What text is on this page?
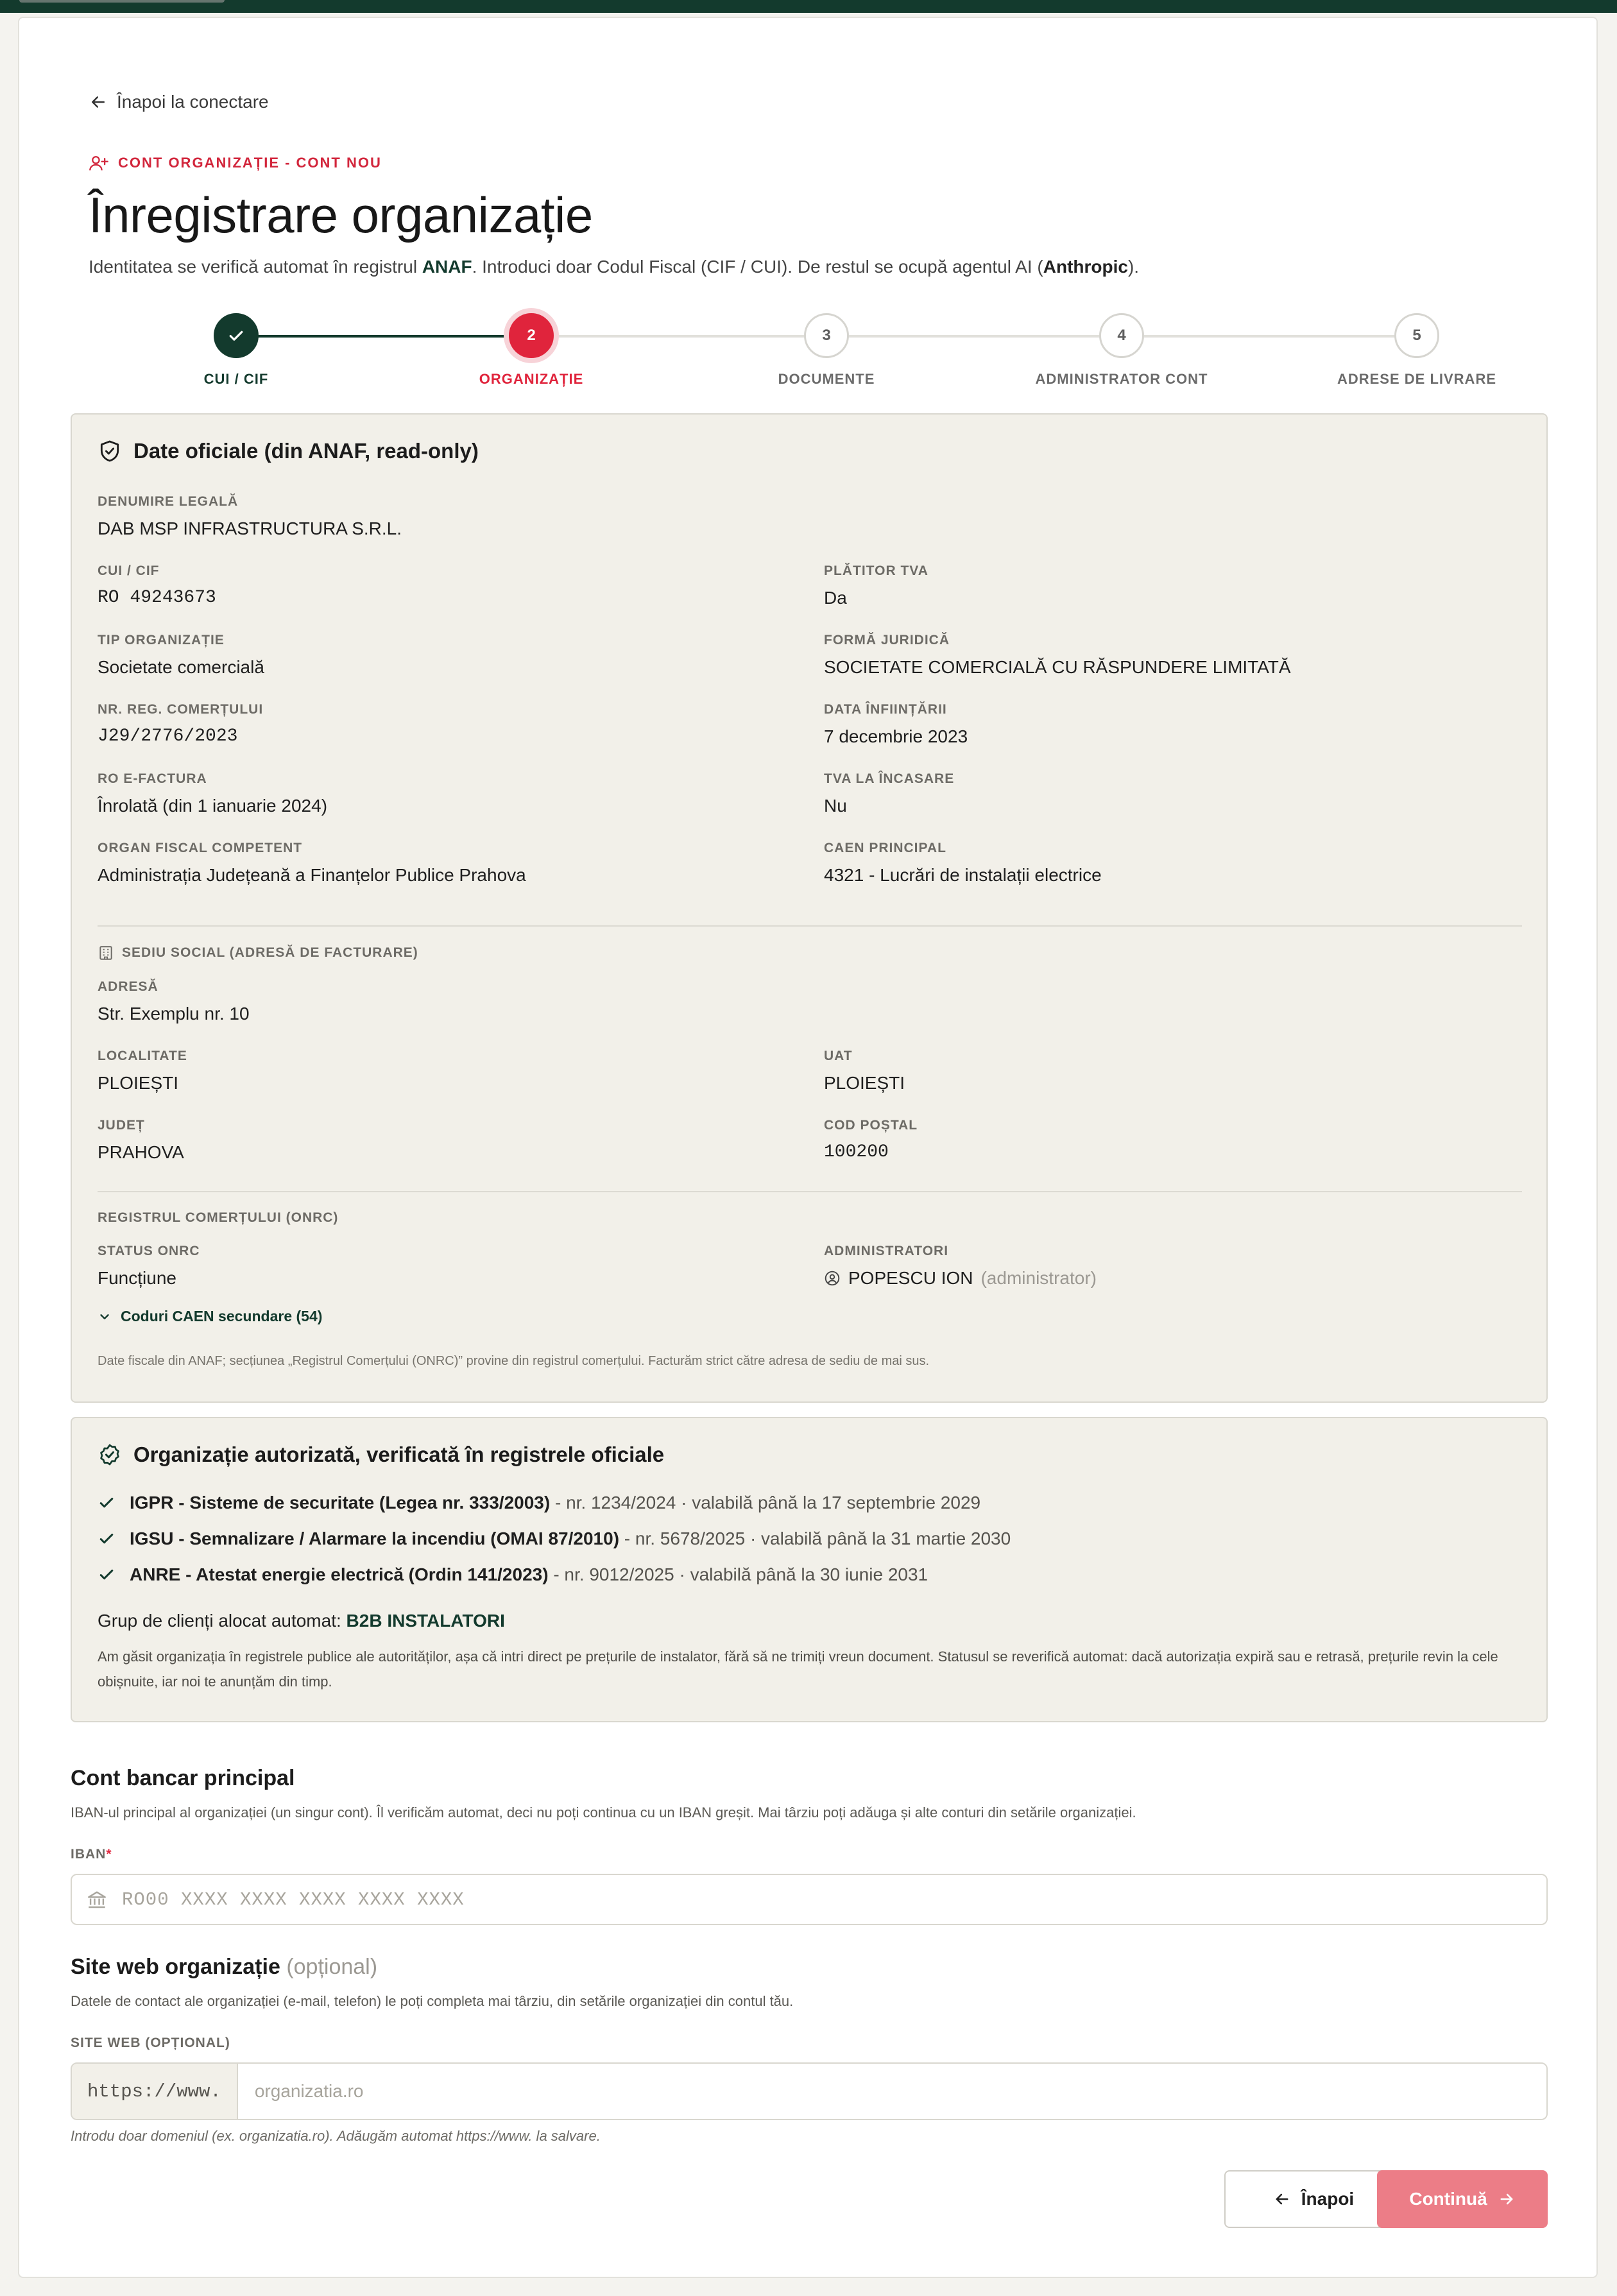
Înapoi la conectare
CONT ORGANIZAȚIE - CONT NOU
Înregistrare organizație

Identitatea se verifică automat în registrul ANAF. Introduci doar Codul Fiscal (CIF / CUI). De restul se ocupă agentul AI (Anthropic).

CUI / CIF
2
ORGANIZAȚIE
3
DOCUMENTE
4
ADMINISTRATOR CONT
5
ADRESE DE LIVRARE
Date oficiale (din ANAF, read-only)
DENUMIRE LEGALĂ
DAB MSP INFRASTRUCTURA S.R.L.
CUI / CIF
RO 49243673
PLĂTITOR TVA
Da
TIP ORGANIZAȚIE
Societate comercială
FORMĂ JURIDICĂ
SOCIETATE COMERCIALĂ CU RĂSPUNDERE LIMITATĂ
NR. REG. COMERȚULUI
J29/2776/2023
DATA ÎNFIINȚĂRII
7 decembrie 2023
RO E-FACTURA
Înrolată (din 1 ianuarie 2024)
TVA LA ÎNCASARE
Nu
ORGAN FISCAL COMPETENT
Administrația Județeană a Finanțelor Publice Prahova
CAEN PRINCIPAL
4321 - Lucrări de instalații electrice
SEDIU SOCIAL (ADRESĂ DE FACTURARE)
ADRESĂ
Str. Exemplu nr. 10
LOCALITATE
PLOIEȘTI
UAT
PLOIEȘTI
JUDEȚ
PRAHOVA
COD POȘTAL
100200
REGISTRUL COMERȚULUI (ONRC)
STATUS ONRC
Funcțiune
ADMINISTRATORI
POPESCU ION (administrator)
Coduri CAEN secundare (54)
Date fiscale din ANAF; secțiunea „Registrul Comerțului (ONRC)” provine din registrul comerțului. Facturăm strict către adresa de sediu de mai sus.
Organizație autorizată, verificată în registrele oficiale
IGPR - Sisteme de securitate (Legea nr. 333/2003) - nr. 1234/2024 · valabilă până la 17 septembrie 2029
IGSU - Semnalizare / Alarmare la incendiu (OMAI 87/2010) - nr. 5678/2025 · valabilă până la 31 martie 2030
ANRE - Atestat energie electrică (Ordin 141/2023) - nr. 9012/2025 · valabilă până la 30 iunie 2031
Grup de clienți alocat automat: B2B INSTALATORI
Am găsit organizația în registrele publice ale autorităților, așa că intri direct pe prețurile de instalator, fără să ne trimiți vreun document. Statusul se reverifică automat: dacă autorizația expiră sau e retrasă, prețurile revin la cele obișnuite, iar noi te anunțăm din timp.
Cont bancar principal
IBAN-ul principal al organizației (un singur cont). Îl verificăm automat, deci nu poți continua cu un IBAN greșit. Mai târziu poți adăuga și alte conturi din setările organizației.
IBAN*
RO00 XXXX XXXX XXXX XXXX XXXX
Site web organizație (opțional)
Datele de contact ale organizației (e-mail, telefon) le poți completa mai târziu, din setările organizației din contul tău.
SITE WEB (OPȚIONAL)
https://www.	organizatia.ro
Introdu doar domeniul (ex. organizatia.ro). Adăugăm automat https://www. la salvare.
Înapoi	Continuă
